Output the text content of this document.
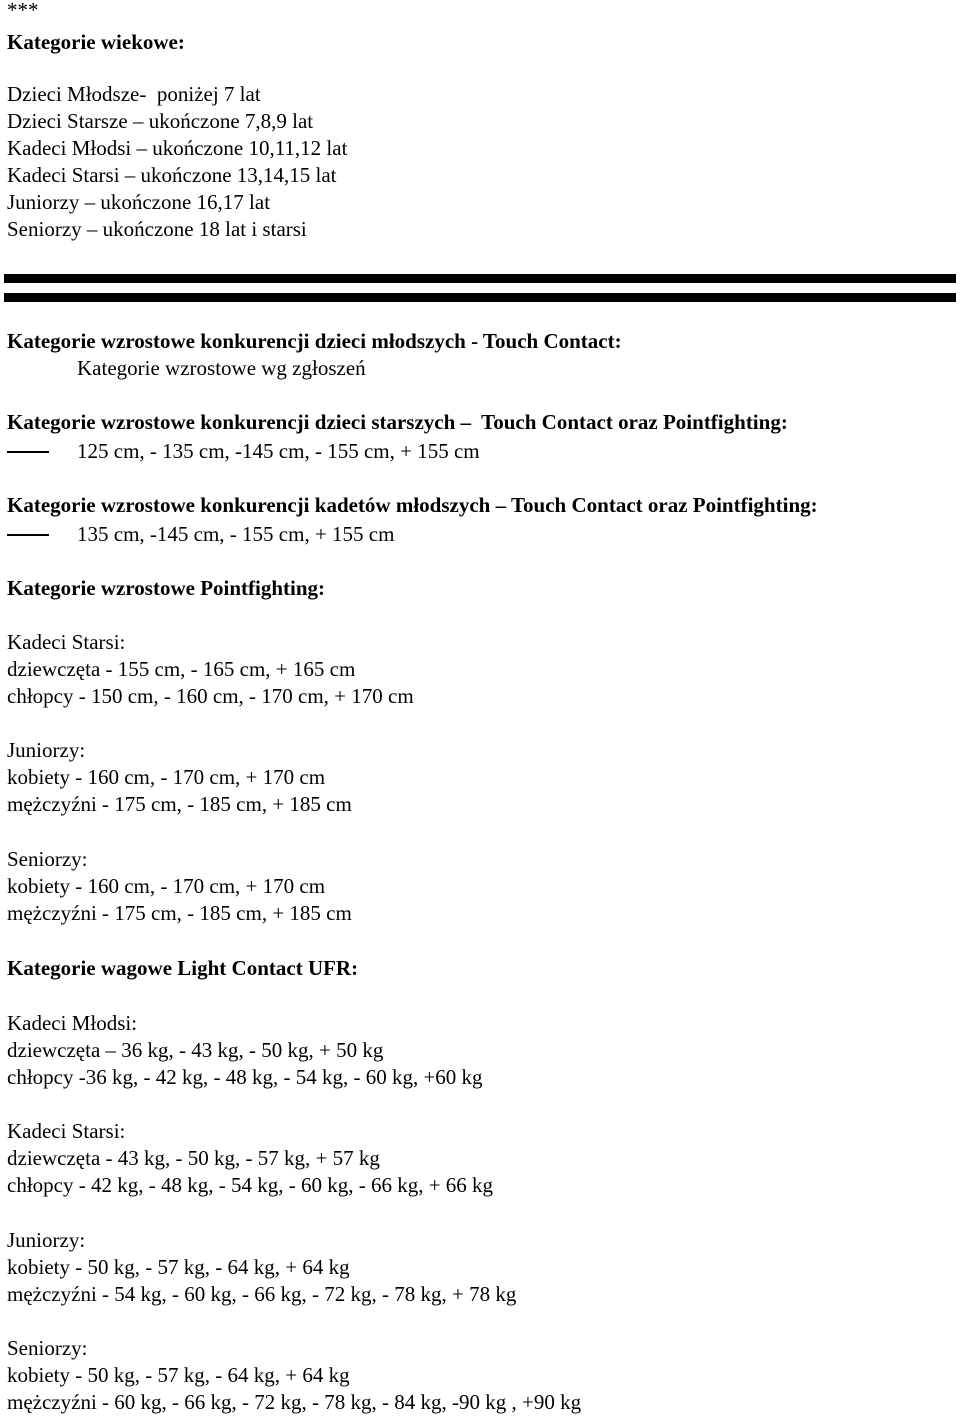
***

Kategorie wiekowe:

Dzieci Młodsze-  poniżej 7 lat

Dzieci Starsze – ukończone 7,8,9 lat

Kadeci Młodsi – ukończone 10,11,12 lat

Kadeci Starsi – ukończone 13,14,15 lat

Juniorzy – ukończone 16,17 lat

Seniorzy – ukończone 18 lat i starsi

Kategorie wzrostowe konkurencji dzieci młodszych - Touch Contact:

Kategorie wzrostowe wg zgłoszeń

Kategorie wzrostowe konkurencji dzieci starszych –  Touch Contact oraz Pointfighting:

125 cm, - 135 cm, -145 cm, - 155 cm, + 155 cm

Kategorie wzrostowe konkurencji kadetów młodszych – Touch Contact oraz Pointfighting:

135 cm, -145 cm, - 155 cm, + 155 cm

Kategorie wzrostowe Pointfighting:

Kadeci Starsi:

dziewczęta - 155 cm, - 165 cm, + 165 cm

chłopcy - 150 cm, - 160 cm, - 170 cm, + 170 cm

Juniorzy:

kobiety - 160 cm, - 170 cm, + 170 cm

mężczyźni - 175 cm, - 185 cm, + 185 cm

Seniorzy:

kobiety - 160 cm, - 170 cm, + 170 cm

mężczyźni - 175 cm, - 185 cm, + 185 cm

Kategorie wagowe Light Contact UFR:

Kadeci Młodsi:

dziewczęta – 36 kg, - 43 kg, - 50 kg, + 50 kg

chłopcy -36 kg, - 42 kg, - 48 kg, - 54 kg, - 60 kg, +60 kg

Kadeci Starsi:

dziewczęta - 43 kg, - 50 kg, - 57 kg, + 57 kg

chłopcy - 42 kg, - 48 kg, - 54 kg, - 60 kg, - 66 kg, + 66 kg

Juniorzy:

kobiety - 50 kg, - 57 kg, - 64 kg, + 64 kg

mężczyźni - 54 kg, - 60 kg, - 66 kg, - 72 kg, - 78 kg, + 78 kg

Seniorzy:

kobiety - 50 kg, - 57 kg, - 64 kg, + 64 kg

mężczyźni - 60 kg, - 66 kg, - 72 kg, - 78 kg, - 84 kg, -90 kg , +90 kg
